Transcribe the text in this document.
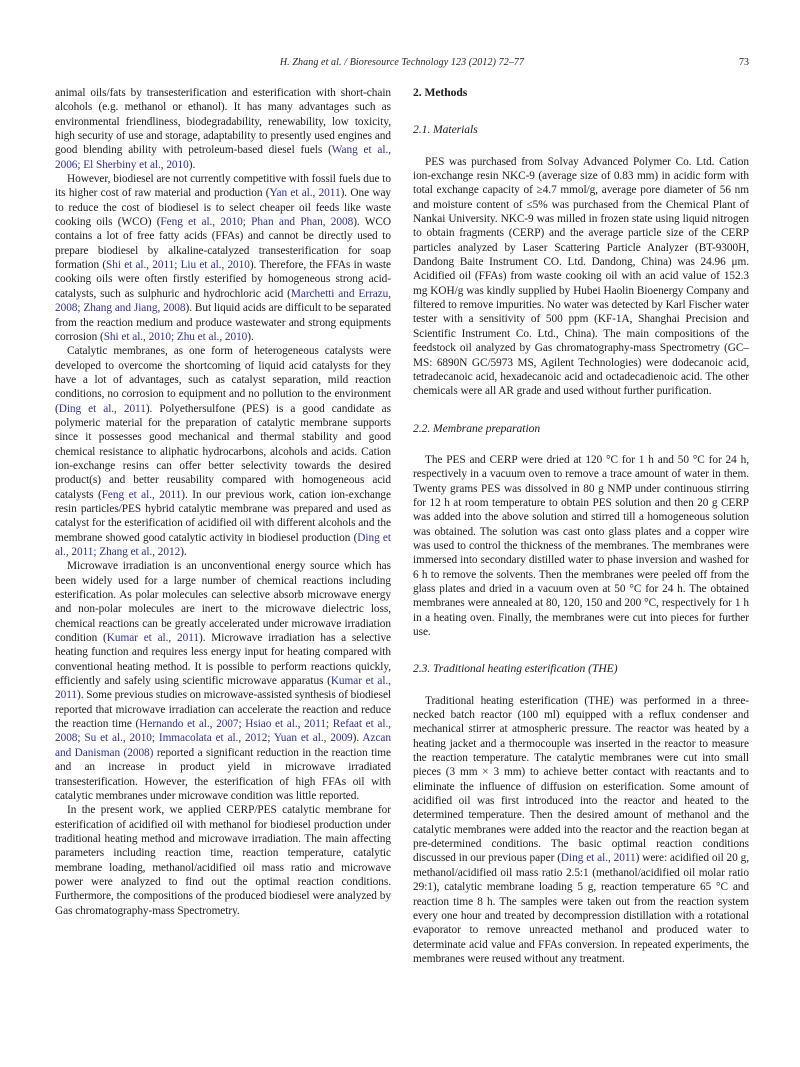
H. Zhang et al. / Bioresource Technology 123 (2012) 72–77	73

animal oils/fats by transesterification and esterification with short-chain alcohols (e.g. methanol or ethanol). It has many advantages such as environmental friendliness, biodegradability, renewability, low toxicity, high security of use and storage, adaptability to presently used engines and good blending ability with petroleum-based diesel fuels (Wang et al., 2006; El Sherbiny et al., 2010).

However, biodiesel are not currently competitive with fossil fuels due to its higher cost of raw material and production (Yan et al., 2011). One way to reduce the cost of biodiesel is to select cheaper oil feeds like waste cooking oils (WCO) (Feng et al., 2010; Phan and Phan, 2008). WCO contains a lot of free fatty acids (FFAs) and cannot be directly used to prepare biodiesel by alkaline-catalyzed transesterification for soap formation (Shi et al., 2011; Liu et al., 2010). Therefore, the FFAs in waste cooking oils were often firstly esterified by homogeneous strong acid-catalysts, such as sulphuric and hydrochloric acid (Marchetti and Errazu, 2008; Zhang and Jiang, 2008). But liquid acids are difficult to be separated from the reaction medium and produce wastewater and strong equipments corrosion (Shi et al., 2010; Zhu et al., 2010).

Catalytic membranes, as one form of heterogeneous catalysts were developed to overcome the shortcoming of liquid acid catalysts for they have a lot of advantages, such as catalyst separation, mild reaction conditions, no corrosion to equipment and no pollution to the environment (Ding et al., 2011). Polyethersulfone (PES) is a good candidate as polymeric material for the preparation of catalytic membrane supports since it possesses good mechanical and thermal stability and good chemical resistance to aliphatic hydrocarbons, alcohols and acids. Cation ion-exchange resins can offer better selectivity towards the desired product(s) and better reusability compared with homogeneous acid catalysts (Feng et al., 2011). In our previous work, cation ion-exchange resin particles/PES hybrid catalytic membrane was prepared and used as catalyst for the esterification of acidified oil with different alcohols and the membrane showed good catalytic activity in biodiesel production (Ding et al., 2011; Zhang et al., 2012).

Microwave irradiation is an unconventional energy source which has been widely used for a large number of chemical reactions including esterification. As polar molecules can selective absorb microwave energy and non-polar molecules are inert to the microwave dielectric loss, chemical reactions can be greatly accelerated under microwave irradiation condition (Kumar et al., 2011). Microwave irradiation has a selective heating function and requires less energy input for heating compared with conventional heating method. It is possible to perform reactions quickly, efficiently and safely using scientific microwave apparatus (Kumar et al., 2011). Some previous studies on microwave-assisted synthesis of biodiesel reported that microwave irradiation can accelerate the reaction and reduce the reaction time (Hernando et al., 2007; Hsiao et al., 2011; Refaat et al., 2008; Su et al., 2010; Immacolata et al., 2012; Yuan et al., 2009). Azcan and Danisman (2008) reported a significant reduction in the reaction time and an increase in product yield in microwave irradiated transesterification. However, the esterification of high FFAs oil with catalytic membranes under microwave condition was little reported.

In the present work, we applied CERP/PES catalytic membrane for esterification of acidified oil with methanol for biodiesel production under traditional heating method and microwave irradiation. The main affecting parameters including reaction time, reaction temperature, catalytic membrane loading, methanol/acidified oil mass ratio and microwave power were analyzed to find out the optimal reaction conditions. Furthermore, the compositions of the produced biodiesel were analyzed by Gas chromatography-mass Spectrometry.

2. Methods
2.1. Materials

PES was purchased from Solvay Advanced Polymer Co. Ltd. Cation ion-exchange resin NKC-9 (average size of 0.83 mm) in acidic form with total exchange capacity of ≥4.7 mmol/g, average pore diameter of 56 nm and moisture content of ≤5% was purchased from the Chemical Plant of Nankai University. NKC-9 was milled in frozen state using liquid nitrogen to obtain fragments (CERP) and the average particle size of the CERP particles analyzed by Laser Scattering Particle Analyzer (BT-9300H, Dandong Baite Instrument CO. Ltd. Dandong, China) was 24.96 μm. Acidified oil (FFAs) from waste cooking oil with an acid value of 152.3 mg KOH/g was kindly supplied by Hubei Haolin Bioenergy Company and filtered to remove impurities. No water was detected by Karl Fischer water tester with a sensitivity of 500 ppm (KF-1A, Shanghai Precision and Scientific Instrument Co. Ltd., China). The main compositions of the feedstock oil analyzed by Gas chromatography-mass Spectrometry (GC–MS: 6890N GC/5973 MS, Agilent Technologies) were dodecanoic acid, tetradecanoic acid, hexadecanoic acid and octadecadienoic acid. The other chemicals were all AR grade and used without further purification.

2.2. Membrane preparation

The PES and CERP were dried at 120 °C for 1 h and 50 °C for 24 h, respectively in a vacuum oven to remove a trace amount of water in them. Twenty grams PES was dissolved in 80 g NMP under continuous stirring for 12 h at room temperature to obtain PES solution and then 20 g CERP was added into the above solution and stirred till a homogeneous solution was obtained. The solution was cast onto glass plates and a copper wire was used to control the thickness of the membranes. The membranes were immersed into secondary distilled water to phase inversion and washed for 6 h to remove the solvents. Then the membranes were peeled off from the glass plates and dried in a vacuum oven at 50 °C for 24 h. The obtained membranes were annealed at 80, 120, 150 and 200 °C, respectively for 1 h in a heating oven. Finally, the membranes were cut into pieces for further use.

2.3. Traditional heating esterification (THE)

Traditional heating esterification (THE) was performed in a three-necked batch reactor (100 ml) equipped with a reflux condenser and mechanical stirrer at atmospheric pressure. The reactor was heated by a heating jacket and a thermocouple was inserted in the reactor to measure the reaction temperature. The catalytic membranes were cut into small pieces (3 mm × 3 mm) to achieve better contact with reactants and to eliminate the influence of diffusion on esterification. Some amount of acidified oil was first introduced into the reactor and heated to the determined temperature. Then the desired amount of methanol and the catalytic membranes were added into the reactor and the reaction began at pre-determined conditions. The basic optimal reaction conditions discussed in our previous paper (Ding et al., 2011) were: acidified oil 20 g, methanol/acidified oil mass ratio 2.5:1 (methanol/acidified oil molar ratio 29:1), catalytic membrane loading 5 g, reaction temperature 65 °C and reaction time 8 h. The samples were taken out from the reaction system every one hour and treated by decompression distillation with a rotational evaporator to remove unreacted methanol and produced water to determinate acid value and FFAs conversion. In repeated experiments, the membranes were reused without any treatment.
